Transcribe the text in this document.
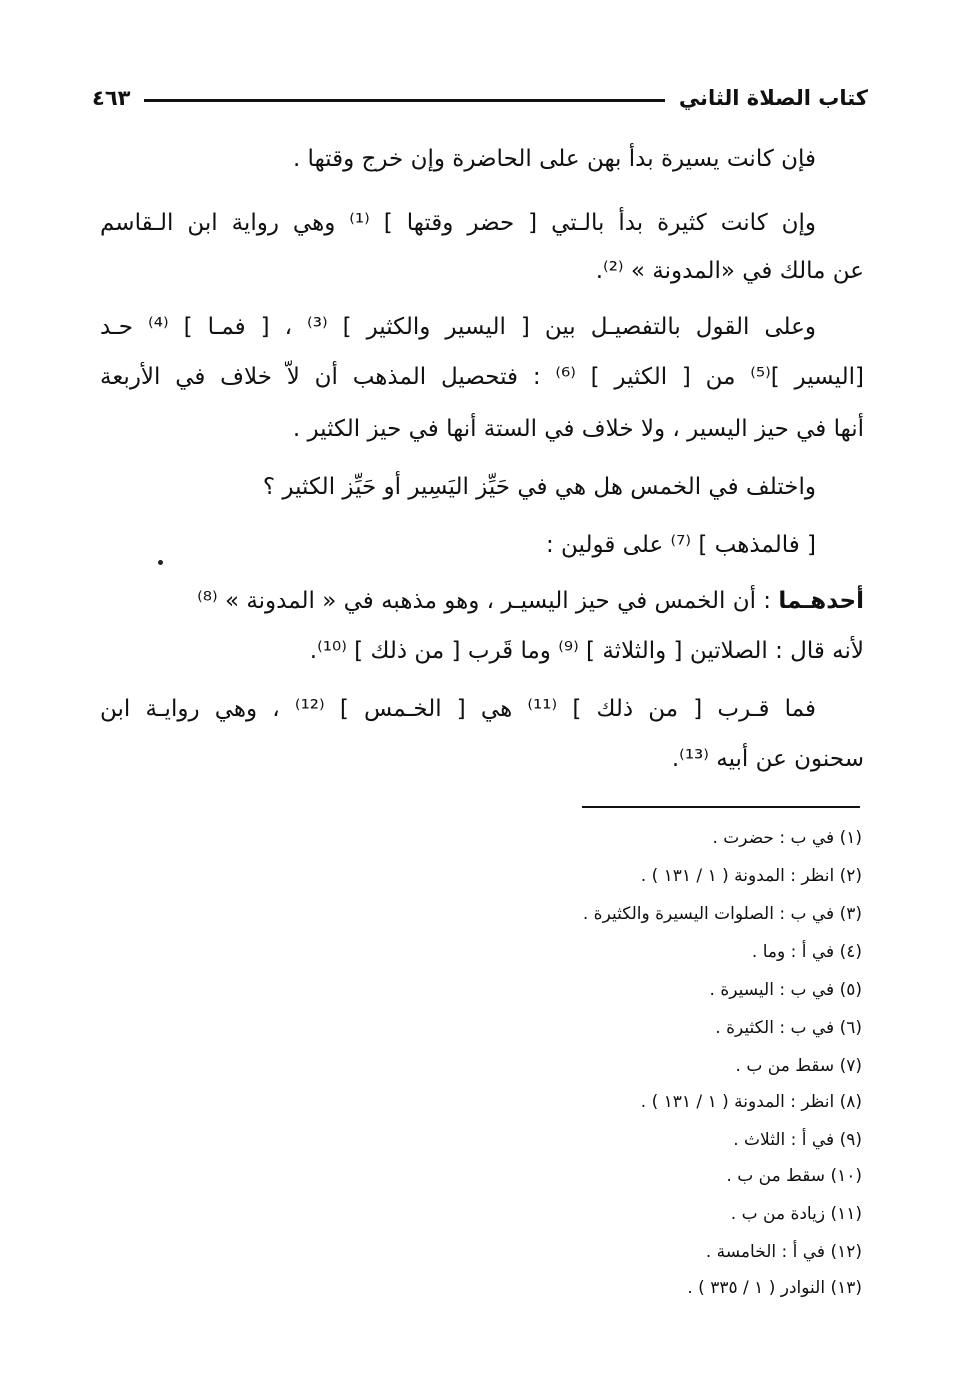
كتاب الصلاة الثاني
٤٦٣
فإن كانت يسيرة بدأ بهن على الحاضرة وإن خرج وقتها .
وإن كانت كثيرة بدأ بالـتي [ حضر وقتها ] ⁽¹⁾ وهي رواية ابن الـقاسم
عن مالك في «المدونة » ⁽²⁾.
وعلى القول بالتفصيـل بين [ اليسير والكثير ] ⁽³⁾ ، [ فمـا ] ⁽⁴⁾ حـد
[اليسير ]⁽⁵⁾ من [ الكثير ] ⁽⁶⁾ : فتحصيل المذهب أن لاَّ خلاف في الأربعة
أنها في حيز اليسير ، ولا خلاف في الستة أنها في حيز الكثير .
واختلف في الخمس هل هي في حَيِّز اليَسِير أو حَيِّز الكثير ؟
[ فالمذهب ] ⁽⁷⁾ على قولين :
أحدهـما : أن الخمس في حيز اليسيـر ، وهو مذهبه في « المدونة » ⁽⁸⁾
لأنه قال : الصلاتين [ والثلاثة ] ⁽⁹⁾ وما قَرب [ من ذلك ] ⁽¹⁰⁾.
فما قـرب [ من ذلك ] ⁽¹¹⁾ هي [ الخـمس ] ⁽¹²⁾ ، وهي روايـة ابن
سحنون عن أبيه ⁽¹³⁾.
(١) في ب : حضرت .
(٢) انظر : المدونة ( ١ / ١٣١ ) .
(٣) في ب : الصلوات اليسيرة والكثيرة .
(٤) في أ : وما .
(٥) في ب : اليسيرة .
(٦) في ب : الكثيرة .
(٧) سقط من ب .
(٨) انظر : المدونة ( ١ / ١٣١ ) .
(٩) في أ : الثلاث .
(١٠) سقط من ب .
(١١) زيادة من ب .
(١٢) في أ : الخامسة .
(١٣) النوادر ( ١ / ٣٣٥ ) .
